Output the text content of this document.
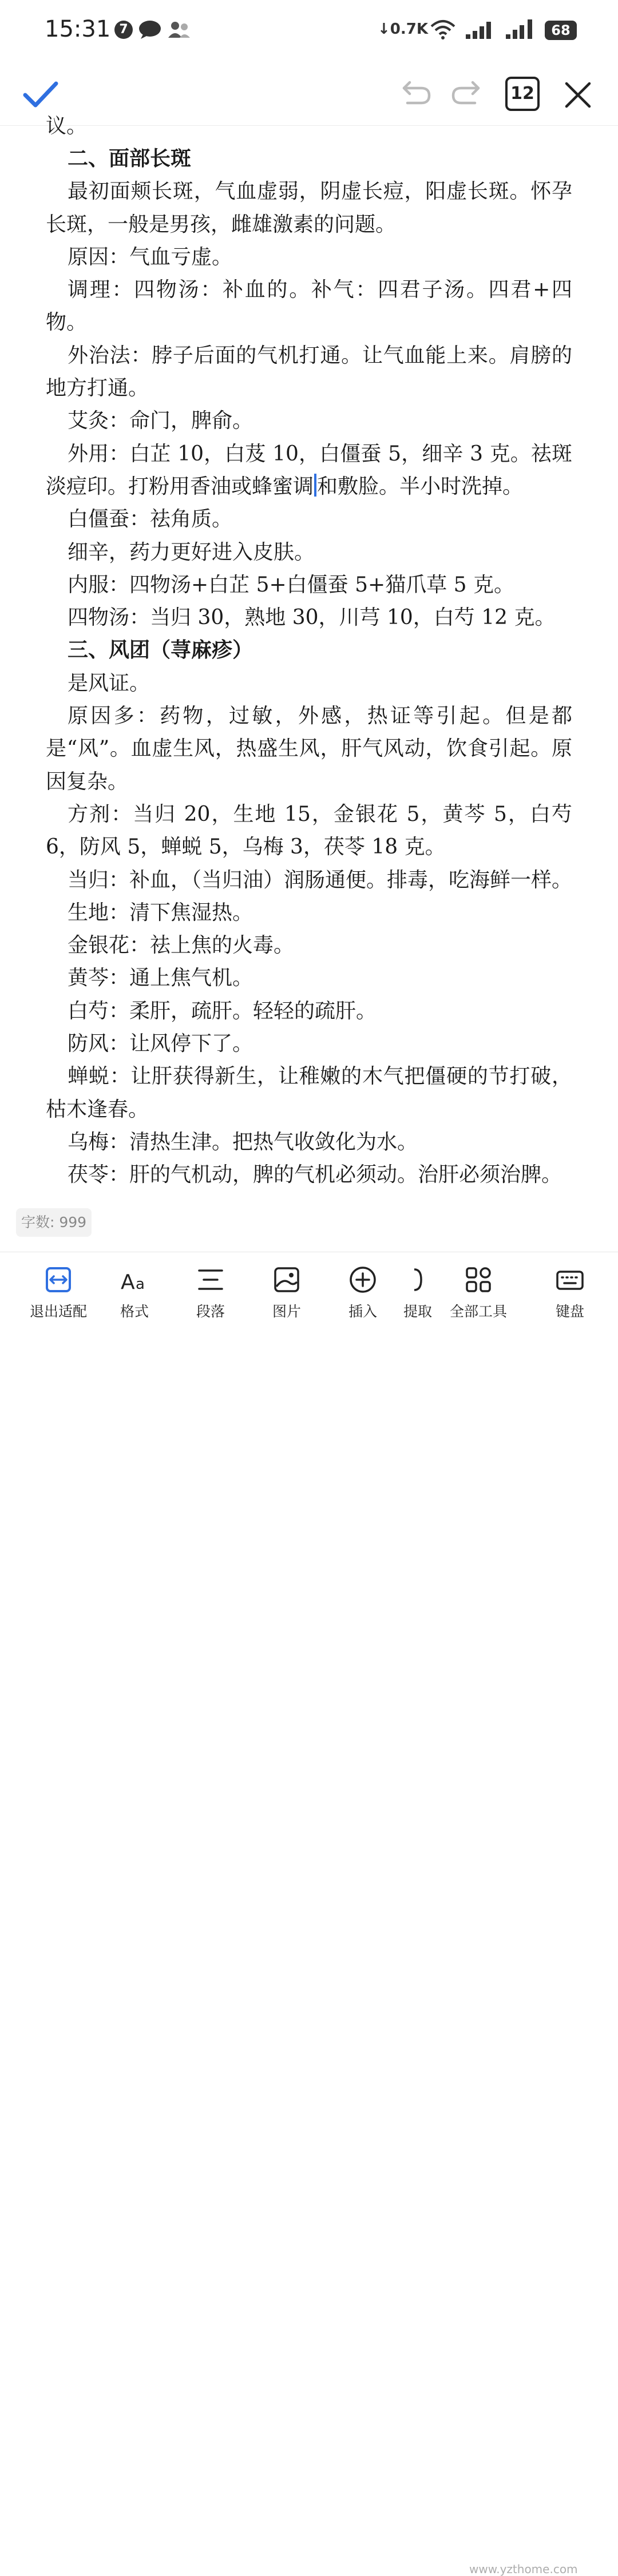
15:31 7	↓0.7K	68
12
议。
二、面部长斑
最初面颊长斑，气血虚弱，阴虚长痘，阳虚长斑。怀孕长斑，一般是男孩，雌雄激素的问题。
原因：气血亏虚。
调理：四物汤：补血的。补气：四君子汤。四君+四物。
外治法：脖子后面的气机打通。让气血能上来。肩膀的地方打通。
艾灸：命门，脾俞。
外用：白芷 10，白芨 10，白僵蚕 5，细辛 3 克。祛斑淡痘印。打粉用香油或蜂蜜调 和敷脸。半小时洗掉。
白僵蚕：祛角质。
细辛，药力更好进入皮肤。
内服：四物汤+白芷 5+白僵蚕 5+猫爪草 5 克。
四物汤：当归 30，熟地 30，川芎 10，白芍 12 克。
三、风团（荨麻疹）
是风证。
原因多：药物，过敏，外感，热证等引起。但是都是“风”。血虚生风，热盛生风，肝气风动，饮食引起。原因复杂。
方剂：当归 20，生地 15，金银花 5，黄芩 5，白芍 6，防风 5，蝉蜕 5，乌梅 3，茯苓 18 克。
当归：补血，（当归油）润肠通便。排毒，吃海鲜一样。
生地：清下焦湿热。
金银花：祛上焦的火毒。
黄芩：通上焦气机。
白芍：柔肝，疏肝。轻轻的疏肝。
防风：让风停下了。
蝉蜕：让肝获得新生，让稚嫩的木气把僵硬的节打破，枯木逢春。
乌梅：清热生津。把热气收敛化为水。
茯苓：肝的气机动，脾的气机必须动。治肝必须治脾。
字数: 999
退出适配
A a
格式	段落	图片	插入	提取	全部工具	键盘
www.yzthome.com
